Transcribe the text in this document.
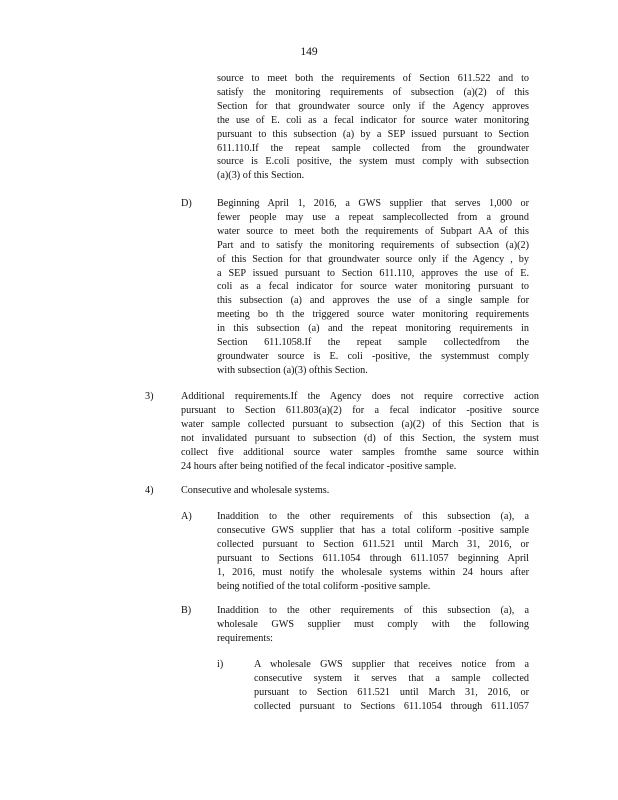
149
source to meet both the requirements of Section 611.522 and to
satisfy the monitoring requirements of subsection (a)(2) of this
Section for that groundwater source only if the Agency approves
the use of E. coli as a fecal indicator for source water monitoring
pursuant to this subsection (a) by a SEP issued pursuant to Section
611.110.If the repeat sample collected from the groundwater
source is E.coli positive, the system must comply with subsection
(a)(3) of this Section.
D) Beginning April 1, 2016, a GWS supplier that serves 1,000 or
fewer people may use a repeat samplecollected from a ground
water source to meet both the requirements of Subpart AA of this
Part and to satisfy the monitoring requirements of subsection (a)(2)
of this Section for that groundwater source only if the Agency , by
a SEP issued pursuant to Section 611.110, approves the use of E.
coli as a fecal indicator for source water monitoring pursuant to
this subsection (a) and approves the use of a single sample for
meeting bo th the triggered source water monitoring requirements
in this subsection (a) and the repeat monitoring requirements in
Section 611.1058.If the repeat sample collectedfrom the
groundwater source is E. coli -positive, the systemmust comply
with subsection (a)(3) ofthis Section.
3)	Additional requirements.If the Agency does not require corrective action
pursuant to Section 611.803(a)(2) for a fecal indicator -positive source
water sample collected pursuant to subsection (a)(2) of this Section that is
not invalidated pursuant to subsection (d) of this Section, the system must
collect five additional source water samples fromthe same source within
24 hours after being notified of the fecal indicator -positive sample.
4)	Consecutive and wholesale systems.
A) Inaddition to the other requirements of this subsection (a), a
consecutive GWS supplier that has a total coliform -positive sample
collected pursuant to Section 611.521 until March 31, 2016, or
pursuant to Sections 611.1054 through 611.1057 beginning April
1, 2016, must notify the wholesale systems within 24 hours after
being notified of the total coliform -positive sample.
B)	Inaddition to the other requirements of this subsection (a), a
wholesale GWS supplier must comply with the following
requirements:
i)	A wholesale GWS supplier that receives notice from a
consecutive system it serves that a sample collected
pursuant to Section 611.521 until March 31, 2016, or
collected pursuant to Sections 611.1054 through 611.1057
